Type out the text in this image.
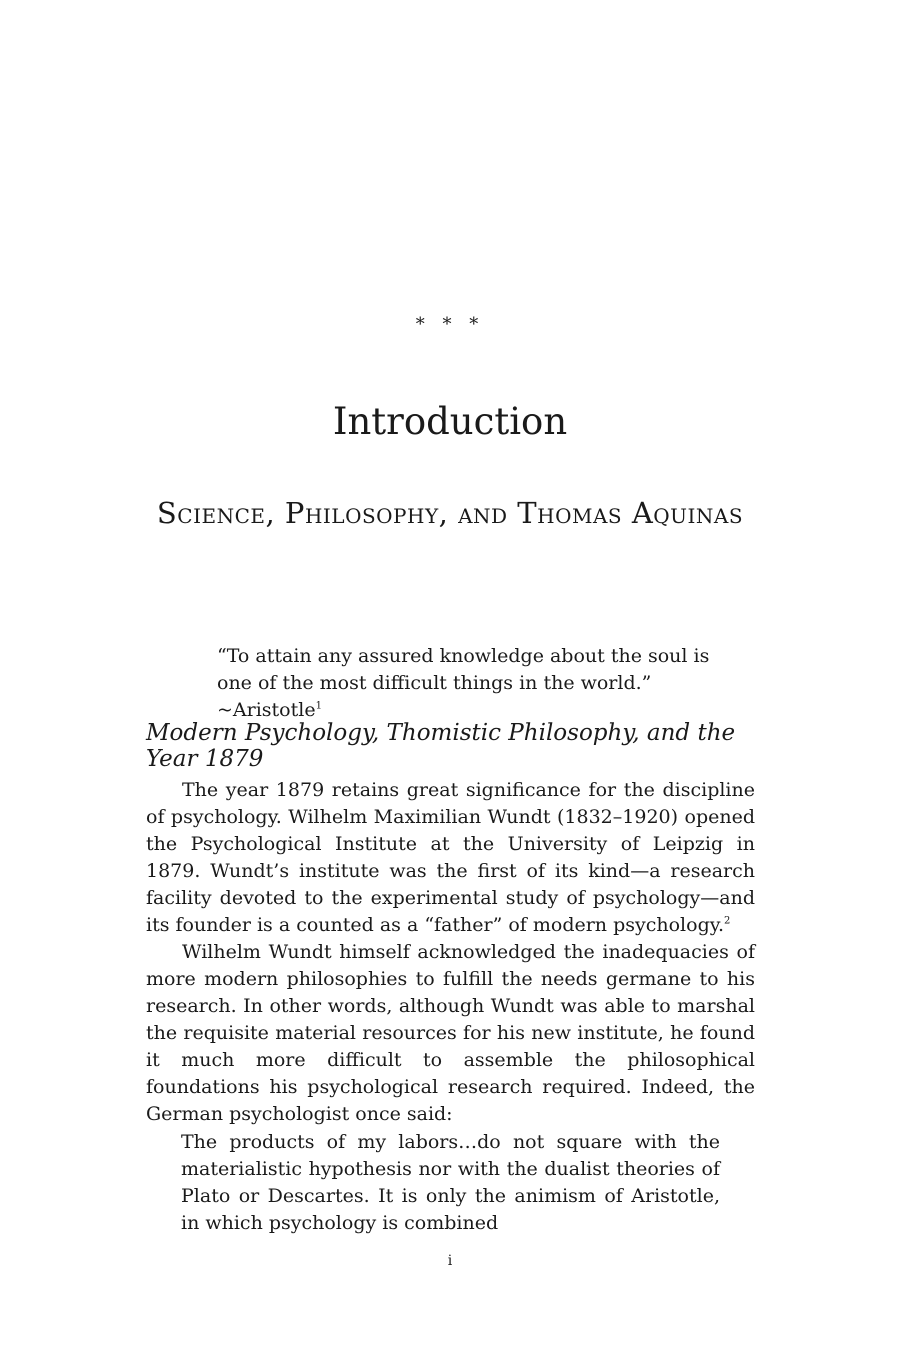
* * *
Introduction
Science, Philosophy, and Thomas Aquinas
“To attain any assured knowledge about the soul is one of the most difficult things in the world.” ~Aristotle$^1$
Modern Psychology, Thomistic Philosophy, and the Year 1879

The year 1879 retains great significance for the discipline of psychology. Wilhelm Maximilian Wundt (1832–1920) opened the Psychological Institute at the University of Leipzig in 1879. Wundt’s institute was the first of its kind—a research facility devoted to the experimental study of psychology—and its founder is a counted as a “father” of modern psychology.$^2$

Wilhelm Wundt himself acknowledged the inadequacies of more modern philosophies to fulfill the needs germane to his research. In other words, although Wundt was able to marshal the requisite material resources for his new institute, he found it much more difficult to assemble the philosophical foundations his psychological research required. Indeed, the German psychologist once said:

The products of my labors…do not square with the materialistic hypothesis nor with the dualist theories of Plato or Descartes. It is only the animism of Aristotle, in which psychology is combined
i
